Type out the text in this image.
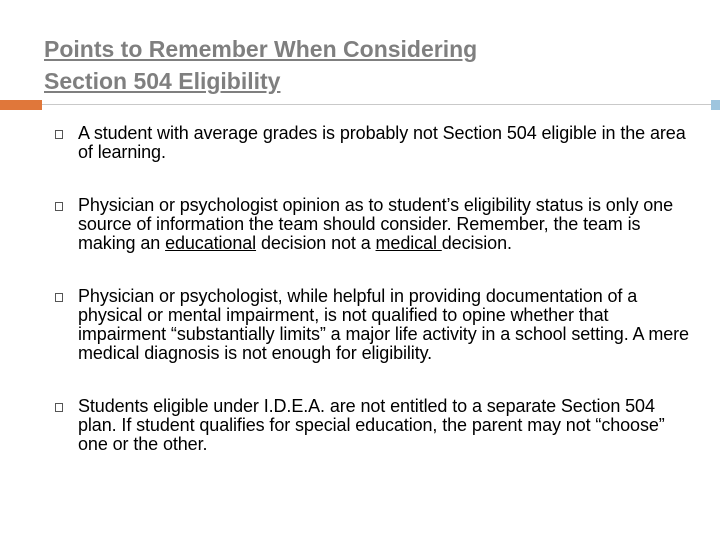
Points to Remember When Considering
Section 504 Eligibility
A student with average grades is probably not Section 504 eligible in the area of learning.
Physician or psychologist opinion as to student’s eligibility status is only one source of information the team should consider. Remember, the team is making an educational decision not a medical decision.
Physician or psychologist, while helpful in providing documentation of a physical or mental impairment, is not qualified to opine whether that impairment “substantially limits” a major life activity in a school setting. A mere medical diagnosis is not enough for eligibility.
Students eligible under I.D.E.A. are not entitled to a separate Section 504 plan. If student qualifies for special education, the parent may not “choose” one or the other.
